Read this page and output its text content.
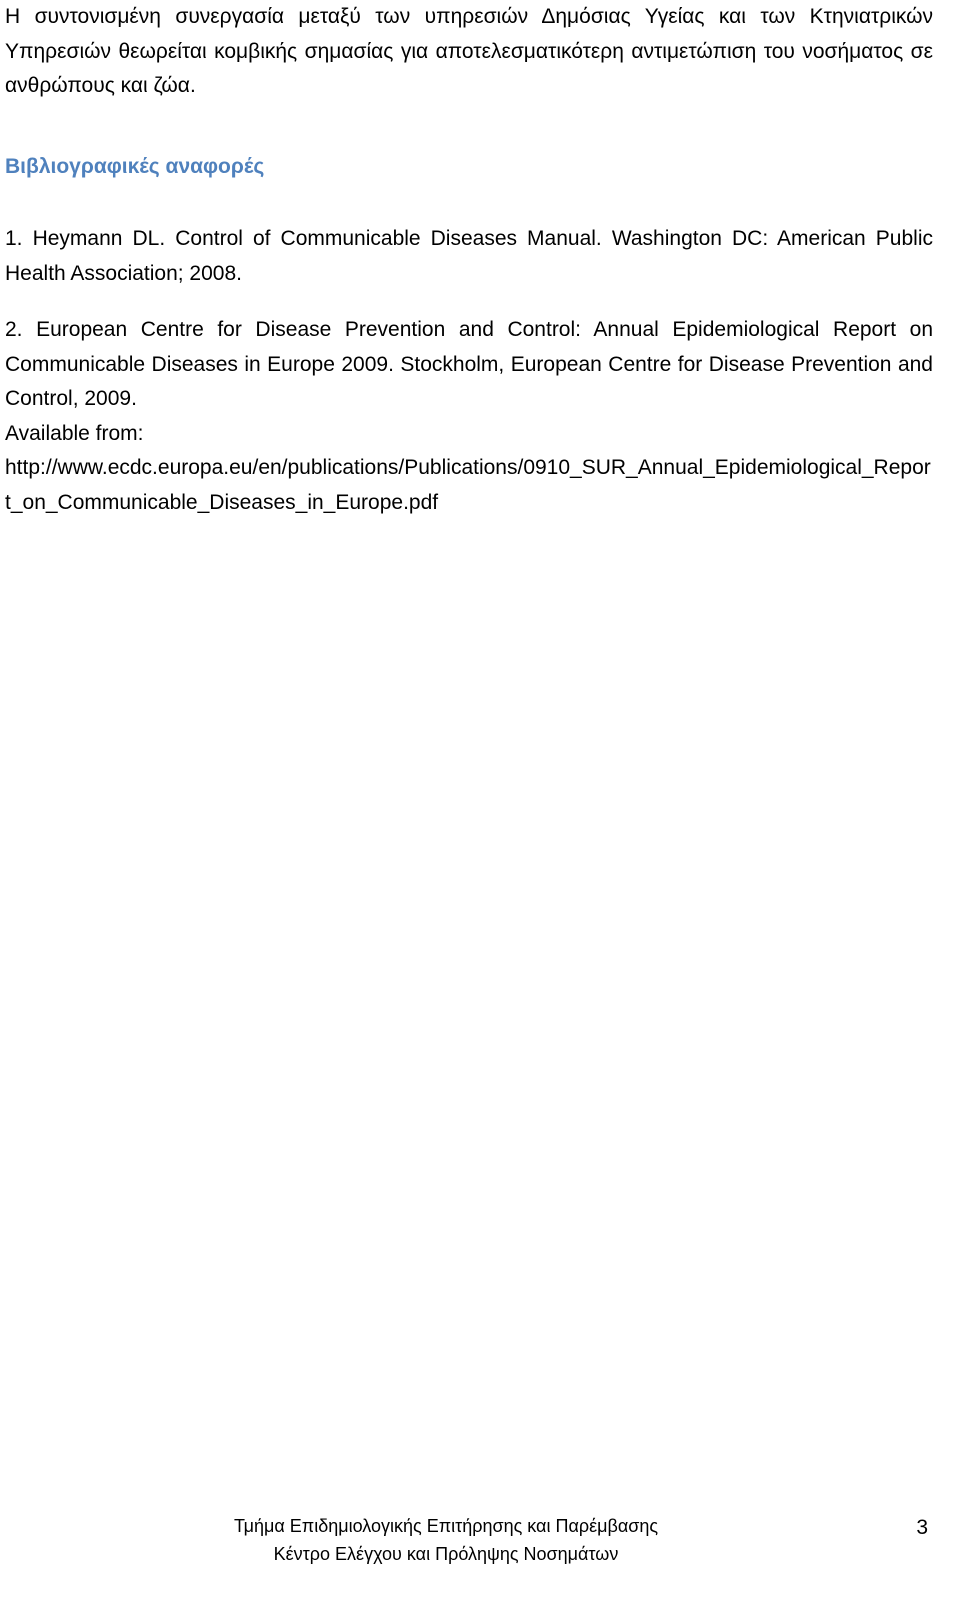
Η συντονισμένη συνεργασία μεταξύ των υπηρεσιών Δημόσιας Υγείας και των Κτηνιατρικών Υπηρεσιών θεωρείται κομβικής σημασίας για αποτελεσματικότερη αντιμετώπιση του νοσήματος σε ανθρώπους και ζώα.

Βιβλιογραφικές αναφορές

1. Heymann DL. Control of Communicable Diseases Manual. Washington DC: American Public Health Association; 2008.

2. European Centre for Disease Prevention and Control: Annual Epidemiological Report on Communicable Diseases in Europe 2009. Stockholm, European Centre for Disease Prevention and Control, 2009.

Available from:
http://www.ecdc.europa.eu/en/publications/Publications/0910_SUR_Annual_Epidemiological_Report_on_Communicable_Diseases_in_Europe.pdf
Τμήμα Επιδημιολογικής Επιτήρησης και Παρέμβασης
Κέντρο Ελέγχου και Πρόληψης Νοσημάτων
3
